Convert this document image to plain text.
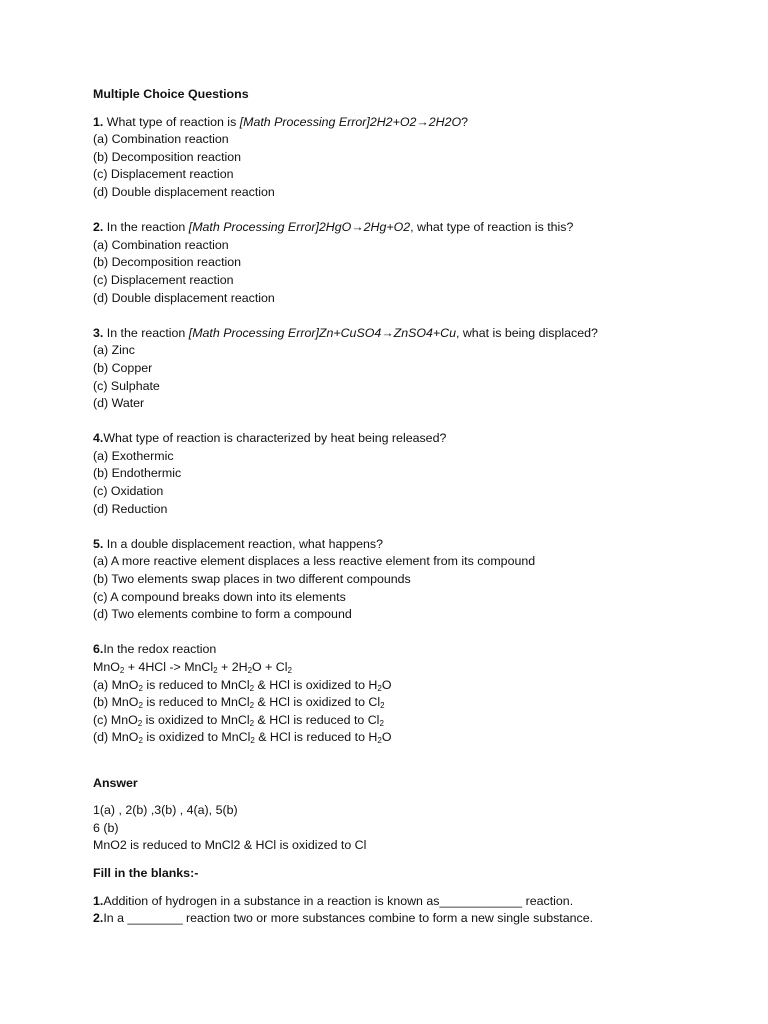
Multiple Choice Questions
1. What type of reaction is [Math Processing Error]2H2+O2→2H2O?
(a) Combination reaction
(b) Decomposition reaction
(c) Displacement reaction
(d) Double displacement reaction
2. In the reaction [Math Processing Error]2HgO→2Hg+O2, what type of reaction is this?
(a) Combination reaction
(b) Decomposition reaction
(c) Displacement reaction
(d) Double displacement reaction
3. In the reaction [Math Processing Error]Zn+CuSO4→ZnSO4+Cu, what is being displaced?
(a) Zinc
(b) Copper
(c) Sulphate
(d) Water
4.What type of reaction is characterized by heat being released?
(a) Exothermic
(b) Endothermic
(c) Oxidation
(d) Reduction
5. In a double displacement reaction, what happens?
(a) A more reactive element displaces a less reactive element from its compound
(b) Two elements swap places in two different compounds
(c) A compound breaks down into its elements
(d) Two elements combine to form a compound
6.In the redox reaction
MnO$_2$ + 4HCl -> MnCl$_2$ + $2H_2O + Cl_2$
(a) MnO$_2$ is reduced to MnCl$_2$ & HCl is oxidized to $H_2O$
(b) MnO$_2$ is reduced to MnCl$_2$ & HCl is oxidized to $Cl_2$
(c) MnO$_2$ is oxidized to MnCl$_2$ & HCl is reduced to $Cl_2$
(d) MnO$_2$ is oxidized to MnCl$_2$ & HCl is reduced to $H_2O$
Answer
1(a) , 2(b) ,3(b) , 4(a), 5(b)
6 (b)
MnO2 is reduced to MnCl2 & HCl is oxidized to Cl
Fill in the blanks:-
1.Addition of hydrogen in a substance in a reaction is known as____________ reaction.
2.In a ________ reaction two or more substances combine to form a new single substance.
